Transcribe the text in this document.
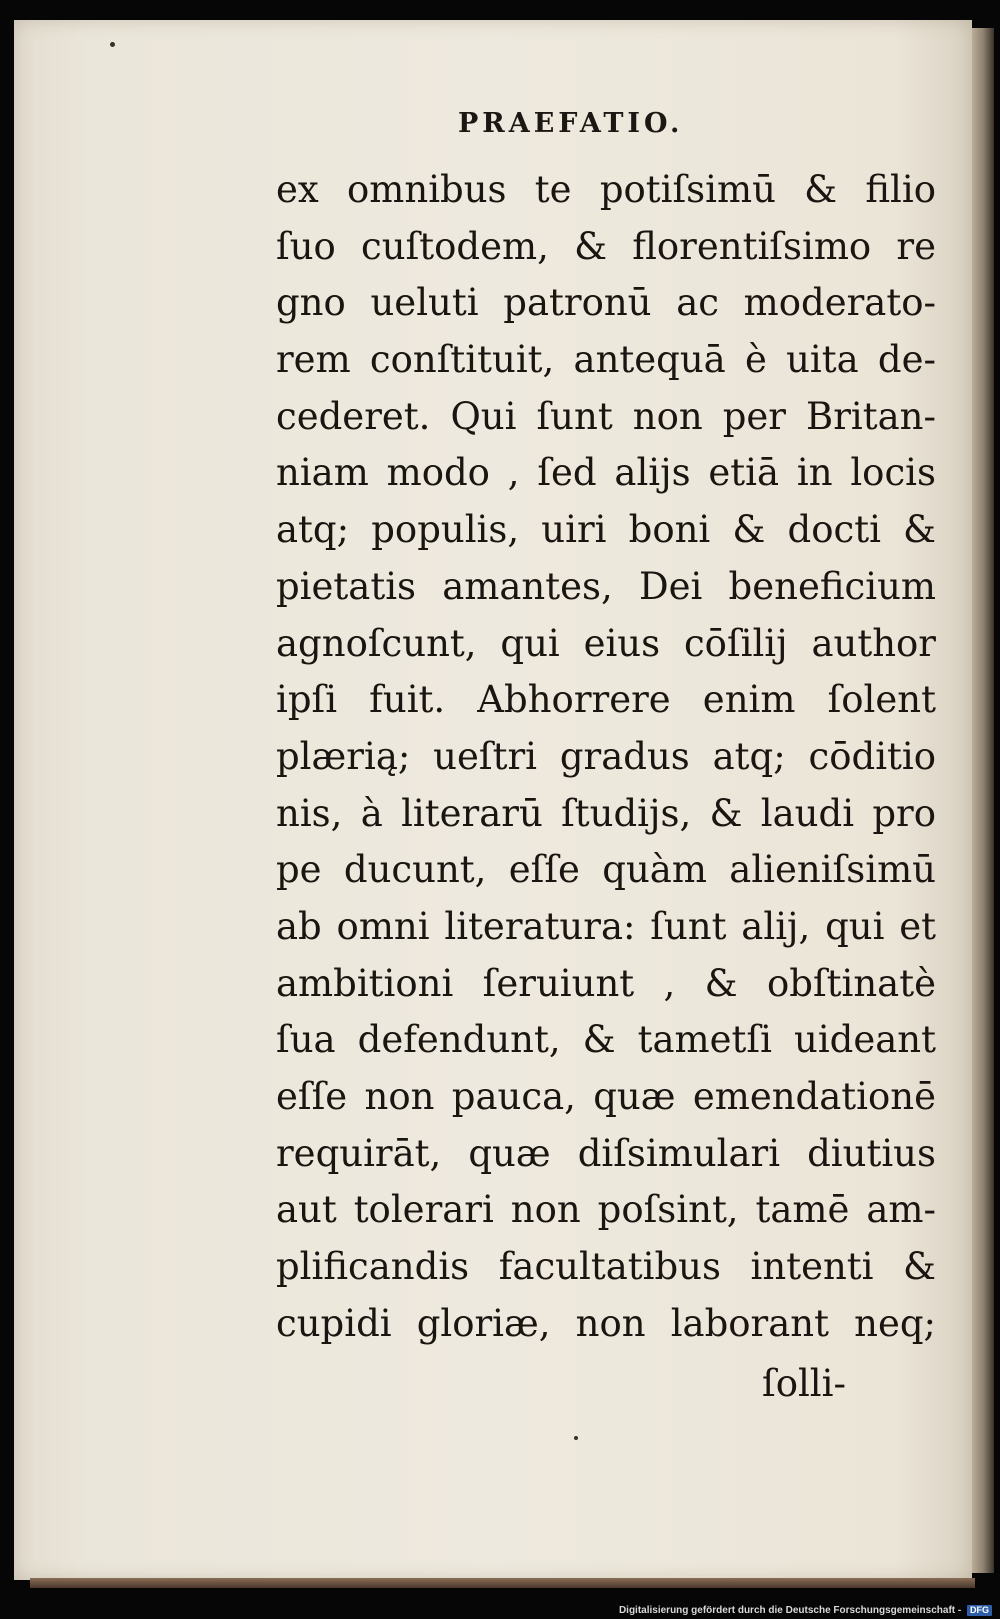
PRAEFATIO.
ex omnibus te potiſsimū & filio
ſuo cuſtodem, & florentiſsimo re
gno ueluti patronū ac moderato-
rem conſtituit, antequā è uita de-
cederet. Qui ſunt non per Britan-
niam modo , ſed alijs etiā in locis
atq; populis, uiri boni & docti &
pietatis amantes, Dei beneficium
agnoſcunt, qui eius cōſilij author
ipſi fuit. Abhorrere enim ſolent
plærią; ueſtri gradus atq; cōditio
nis, à literarū ſtudijs, & laudi pro
pe ducunt, eſſe quàm alieniſsimū
ab omni literatura: ſunt alij, qui et
ambitioni ſeruiunt , & obſtinatè
ſua defendunt, & tametſi uideant
eſſe non pauca, quæ emendationē
requirāt, quæ diſsimulari diutius
aut tolerari non poſsint, tamē am-
plificandis facultatibus intenti &
cupidi gloriæ, non laborant neq;
ſolli-
Digitalisierung gefördert durch die Deutsche Forschungsgemeinschaft - DFG
